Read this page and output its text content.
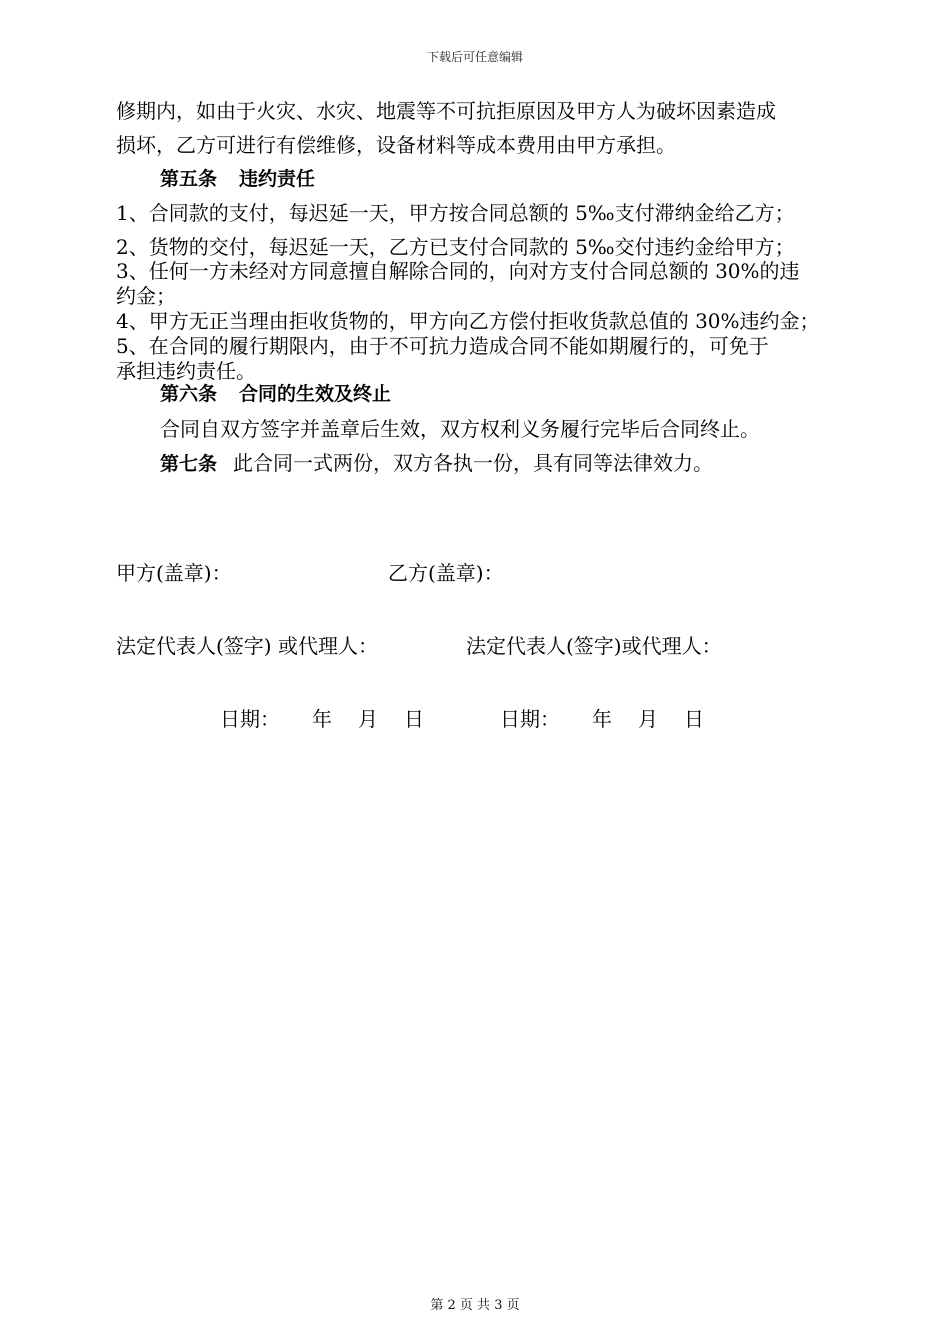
下载后可任意编辑
修期内，如由于火灾、水灾、地震等不可抗拒原因及甲方人为破坏因素造成
损坏，乙方可进行有偿维修，设备材料等成本费用由甲方承担。
第五条 违约责任
1、合同款的支付，每迟延一天，甲方按合同总额的 5‰支付滞纳金给乙方；
2、货物的交付，每迟延一天，乙方已支付合同款的 5‰交付违约金给甲方；
3、任何一方未经对方同意擅自解除合同的，向对方支付合同总额的 30%的违
约金；
4、甲方无正当理由拒收货物的，甲方向乙方偿付拒收货款总值的 30%违约金；
5、在合同的履行期限内，由于不可抗力造成合同不能如期履行的，可免于
承担违约责任。
第六条 合同的生效及终止
合同自双方签字并盖章后生效，双方权利义务履行完毕后合同终止。
第七条 此合同一式两份，双方各执一份，具有同等法律效力。
甲方(盖章)：	乙方(盖章)：
法定代表人(签字) 或代理人：	法定代表人(签字)或代理人：
日期： 年 月 日	日期： 年 月 日
第 2 页 共 3 页
